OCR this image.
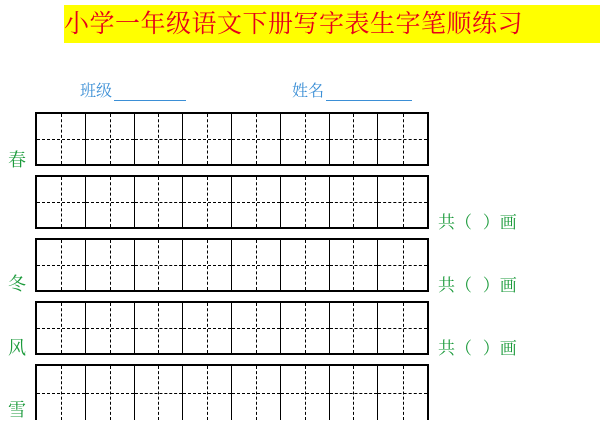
小学一年级语文下册写字表生字笔顺练习
班级	姓名
春
冬
风
雪
共（  ）画
共（  ）画
共（  ）画
